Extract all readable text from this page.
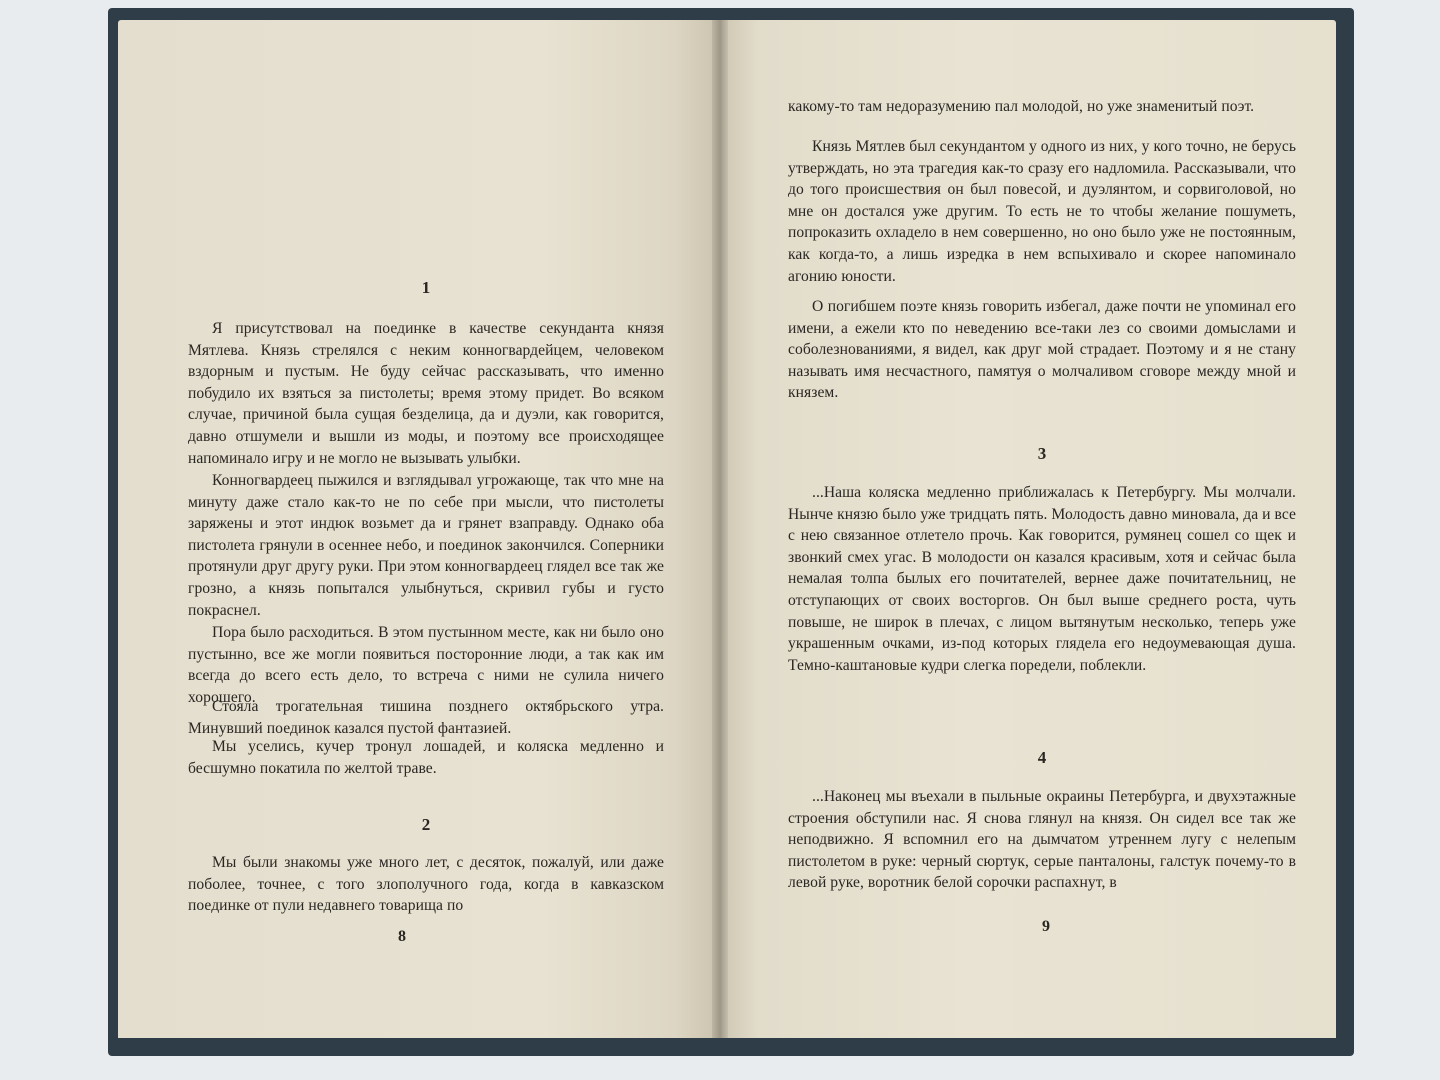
1

Я присутствовал на поединке в качестве секунданта князя Мятлева. Князь стрелялся с неким конногвардейцем, человеком вздорным и пустым. Не буду сейчас рассказывать, что именно побудило их взяться за пистолеты; время этому придет. Во всяком случае, причиной была сущая безделица, да и дуэли, как говорится, давно отшумели и вышли из моды, и поэтому все происходящее напоминало игру и не могло не вызывать улыбки.

Конногвардеец пыжился и взглядывал угрожающе, так что мне на минуту даже стало как-то не по себе при мысли, что пистолеты заряжены и этот индюк возьмет да и грянет взаправду. Однако оба пистолета грянули в осеннее небо, и поединок закончился. Соперники протянули друг другу руки. При этом конногвардеец глядел все так же грозно, а князь попытался улыбнуться, скривил губы и густо покраснел.

Пора было расходиться. В этом пустынном месте, как ни было оно пустынно, все же могли появиться посторонние люди, а так как им всегда до всего есть дело, то встреча с ними не сулила ничего хорошего.

Стояла трогательная тишина позднего октябрьского утра. Минувший поединок казался пустой фантазией.

Мы уселись, кучер тронул лошадей, и коляска медленно и бесшумно покатила по желтой траве.

2

Мы были знакомы уже много лет, с десяток, пожалуй, или даже поболее, точнее, с того злополучного года, когда в кавказском поединке от пули недавнего товарища по

8

какому-то там недоразумению пал молодой, но уже знаменитый поэт.

Князь Мятлев был секундантом у одного из них, у кого точно, не берусь утверждать, но эта трагедия как-то сразу его надломила. Рассказывали, что до того происшествия он был повесой, и дуэлянтом, и сорвиголовой, но мне он достался уже другим. То есть не то чтобы желание пошуметь, попроказить охладело в нем совершенно, но оно было уже не постоянным, как когда-то, а лишь изредка в нем вспыхивало и скорее напоминало агонию юности.

О погибшем поэте князь говорить избегал, даже почти не упоминал его имени, а ежели кто по неведению все-таки лез со своими домыслами и соболезнованиями, я видел, как друг мой страдает. Поэтому и я не стану называть имя несчастного, памятуя о молчаливом сговоре между мной и князем.

3

...Наша коляска медленно приближалась к Петербургу. Мы молчали. Нынче князю было уже тридцать пять. Молодость давно миновала, да и все с нею связанное отлетело прочь. Как говорится, румянец сошел со щек и звонкий смех угас. В молодости он казался красивым, хотя и сейчас была немалая толпа былых его почитателей, вернее даже почитательниц, не отступающих от своих восторгов. Он был выше среднего роста, чуть повыше, не широк в плечах, с лицом вытянутым несколько, теперь уже украшенным очками, из-под которых глядела его недоумевающая душа. Темно-каштановые кудри слегка поредели, поблекли.

4

...Наконец мы въехали в пыльные окраины Петербурга, и двухэтажные строения обступили нас. Я снова глянул на князя. Он сидел все так же неподвижно. Я вспомнил его на дымчатом утреннем лугу с нелепым пистолетом в руке: черный сюртук, серые панталоны, галстук почему-то в левой руке, воротник белой сорочки распахнут, в

9
